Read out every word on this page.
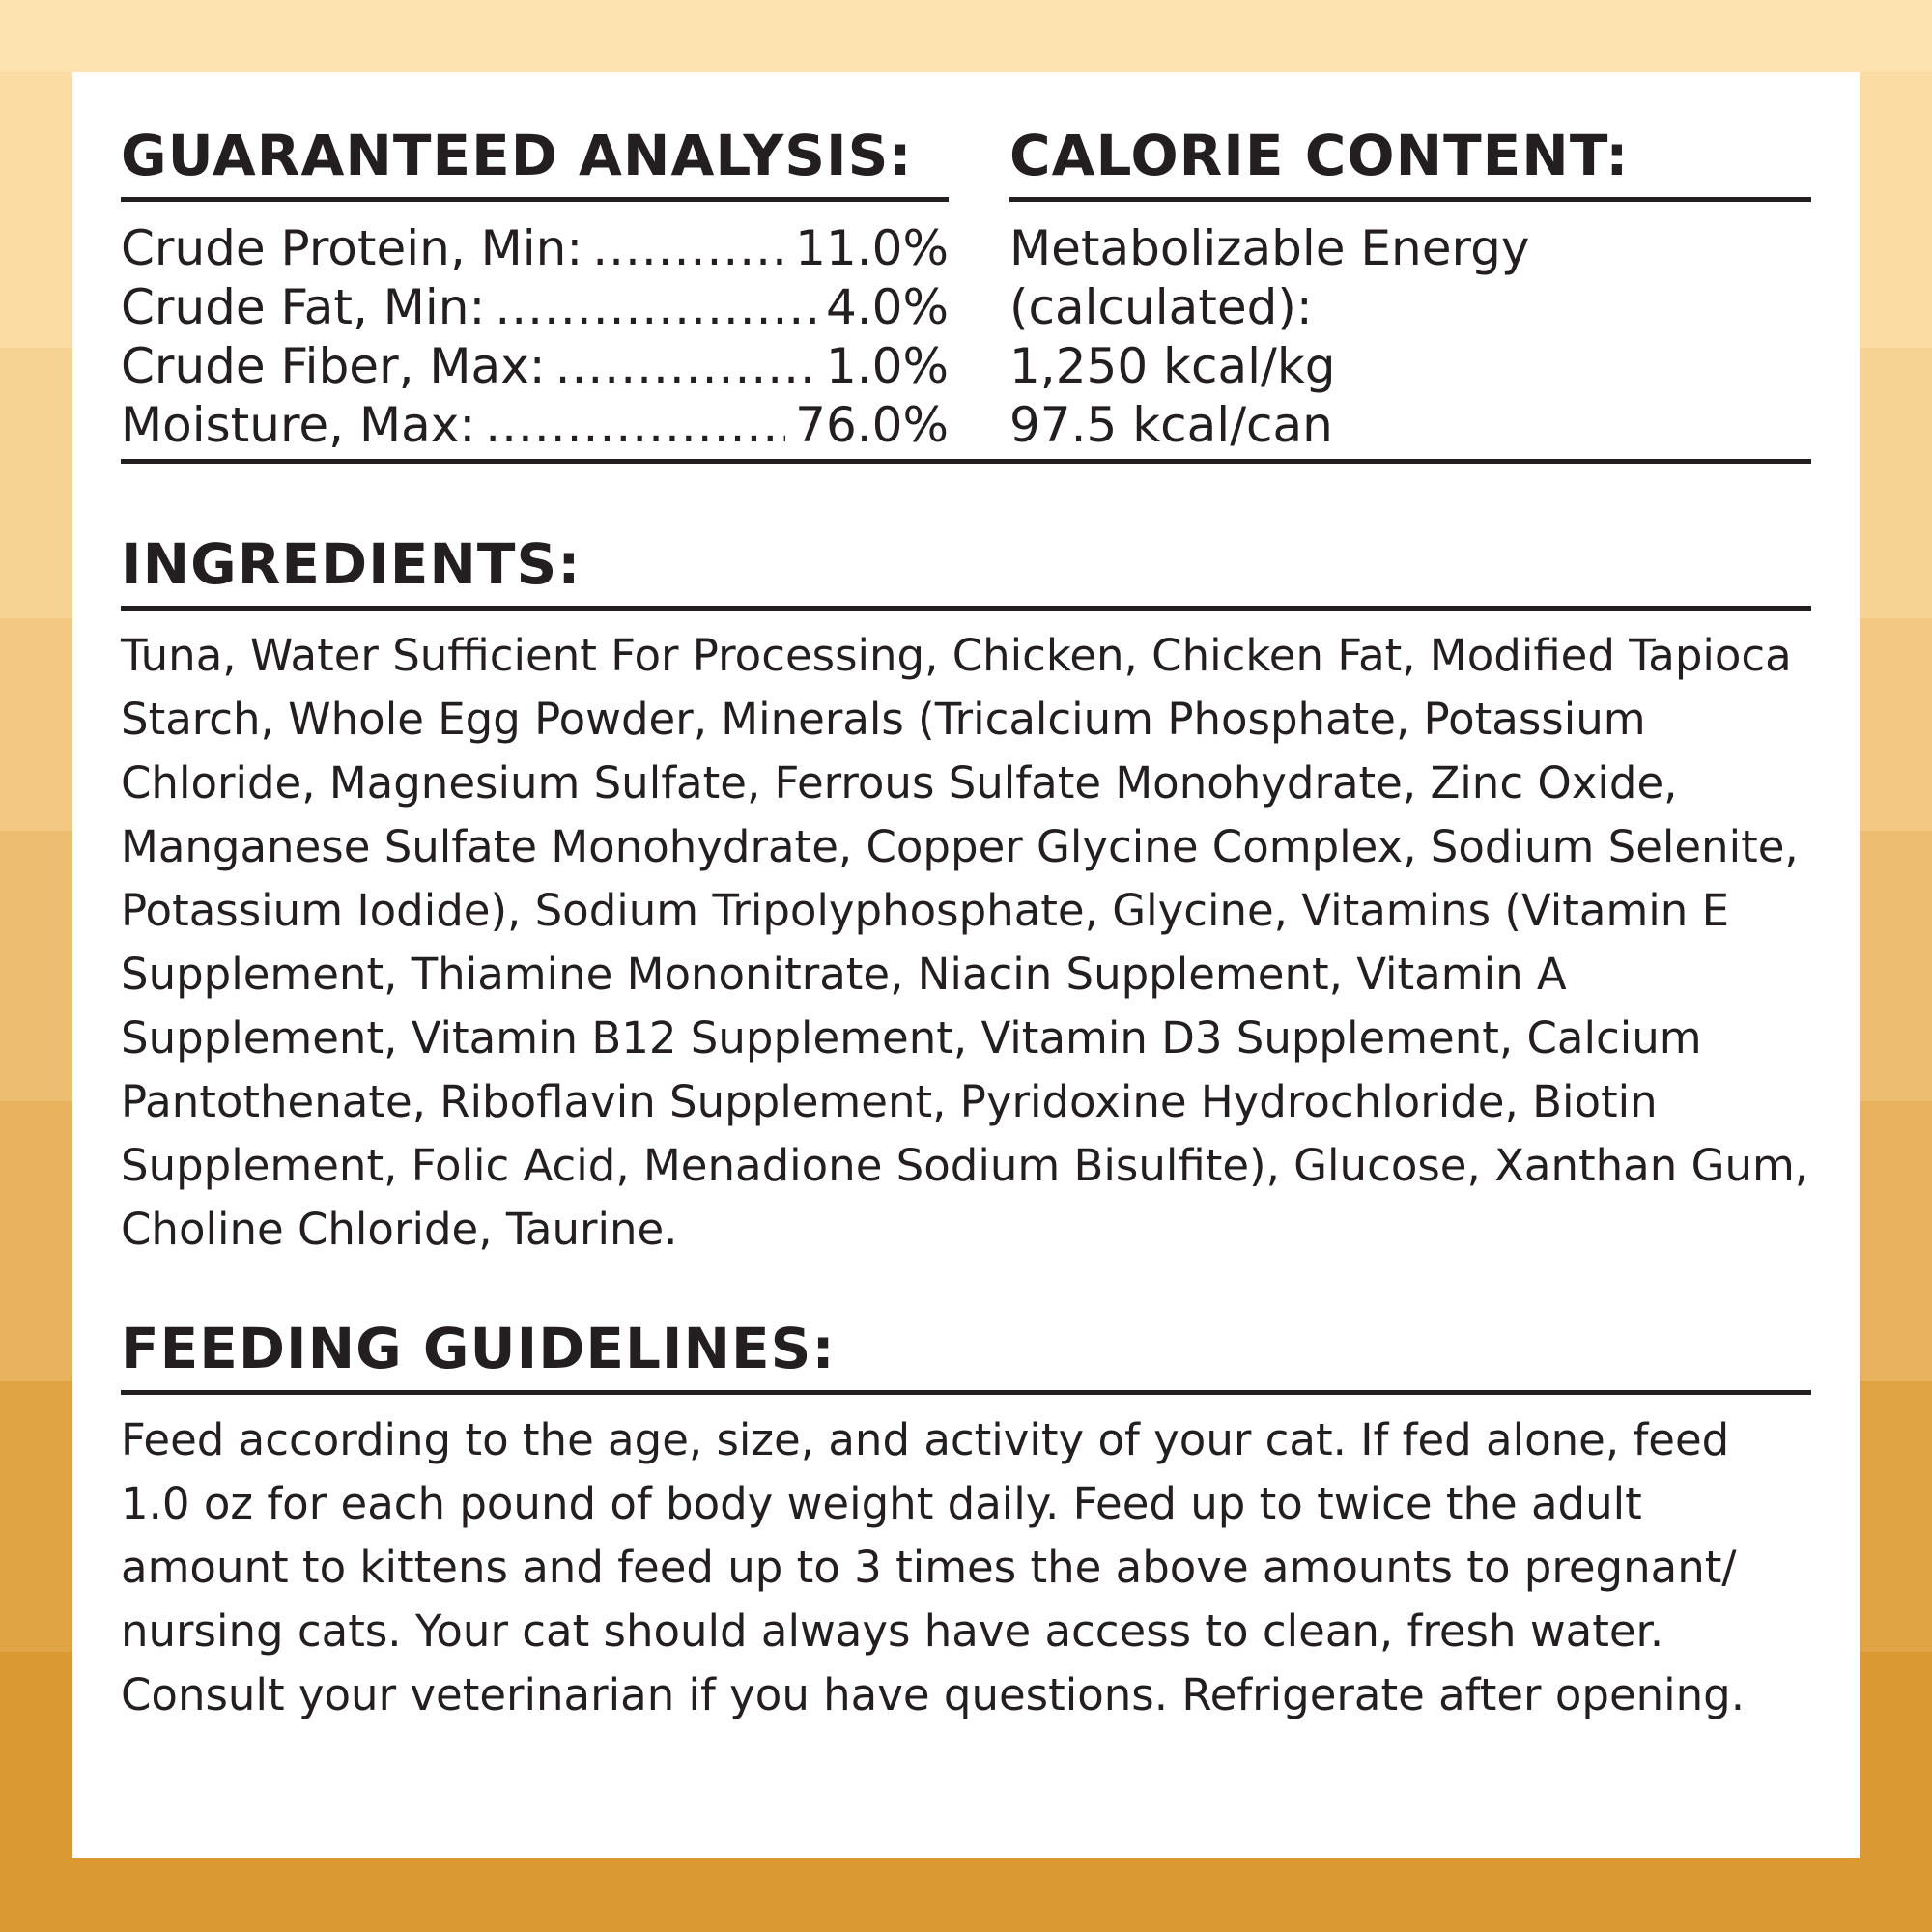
GUARANTEED ANALYSIS:
Crude Protein, Min: .....	11.0%
Crude Fat, Min: .....	4.0%
Crude Fiber, Max: .....	1.0%
Moisture, Max: .....	76.0%
CALORIE CONTENT:
Metabolizable Energy
(calculated):
1,250 kcal/kg
97.5 kcal/can
INGREDIENTS:
Tuna, Water Sufficient For Processing, Chicken, Chicken Fat, Modified Tapioca Starch, Whole Egg Powder, Minerals (Tricalcium Phosphate, Potassium Chloride, Magnesium Sulfate, Ferrous Sulfate Monohydrate, Zinc Oxide, Manganese Sulfate Monohydrate, Copper Glycine Complex, Sodium Selenite, Potassium Iodide), Sodium Tripolyphosphate, Glycine, Vitamins (Vitamin E Supplement, Thiamine Mononitrate, Niacin Supplement, Vitamin A Supplement, Vitamin B12 Supplement, Vitamin D3 Supplement, Calcium Pantothenate, Riboflavin Supplement, Pyridoxine Hydrochloride, Biotin Supplement, Folic Acid, Menadione Sodium Bisulfite), Glucose, Xanthan Gum, Choline Chloride, Taurine.
FEEDING GUIDELINES:
Feed according to the age, size, and activity of your cat. If fed alone, feed 1.0 oz for each pound of body weight daily. Feed up to twice the adult amount to kittens and feed up to 3 times the above amounts to pregnant/ nursing cats. Your cat should always have access to clean, fresh water. Consult your veterinarian if you have questions. Refrigerate after opening.
